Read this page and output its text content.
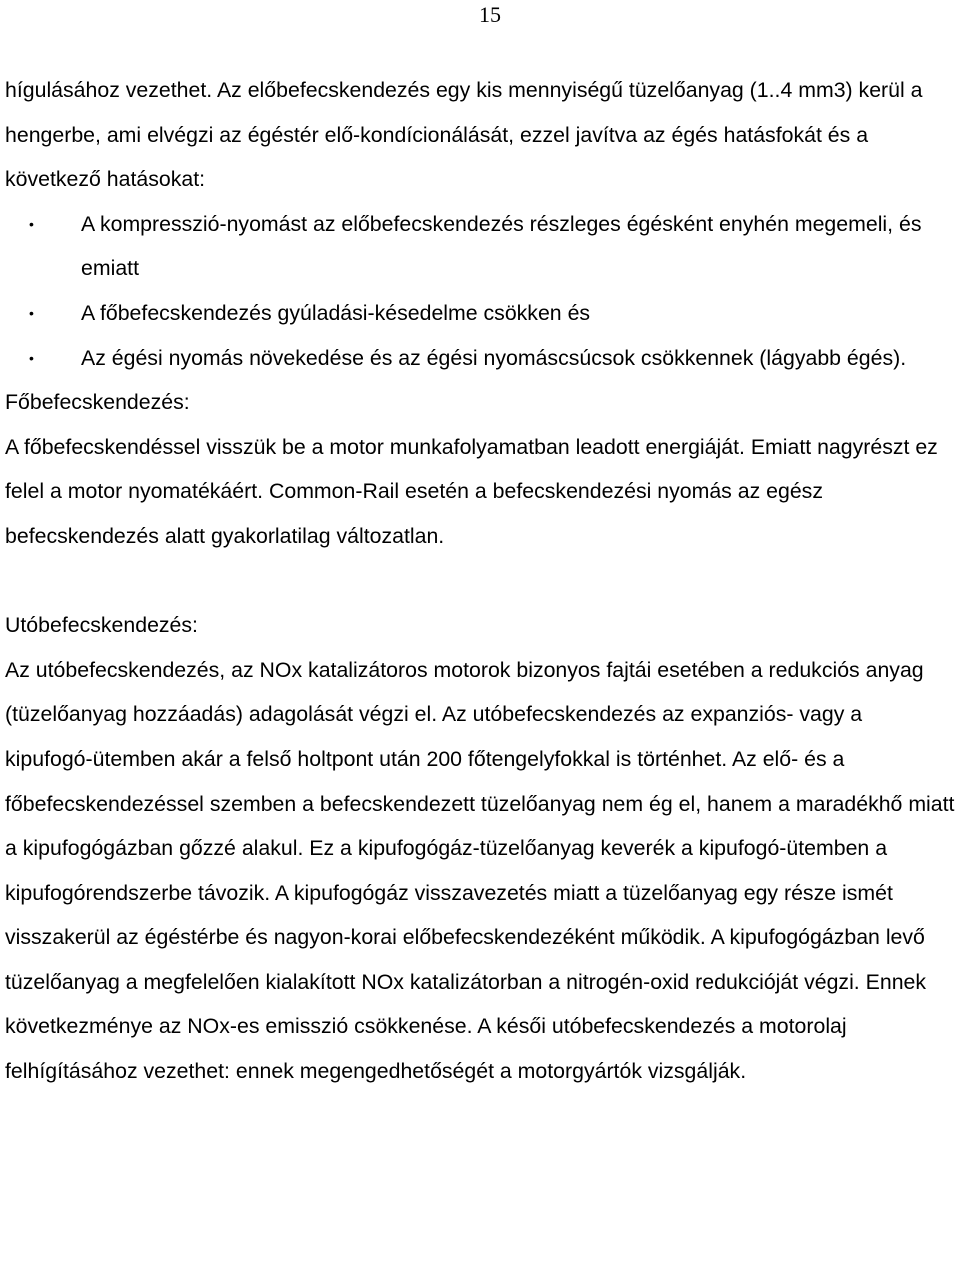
15

hígulásához vezethet. Az előbefecskendezés egy kis mennyiségű tüzelőanyag (1..4 mm3) kerül a hengerbe, ami elvégzi az égéstér elő-kondícionálását, ezzel javítva az égés hatásfokát és a következő hatásokat:

• A kompresszió-nyomást az előbefecskendezés részleges égésként enyhén megemeli, és emiatt
• A főbefecskendezés gyúladási-késedelme csökken és
• Az égési nyomás növekedése és az égési nyomáscsúcsok csökkennek (lágyabb égés).

Főbefecskendezés:

A főbefecskendéssel visszük be a motor munkafolyamatban leadott energiáját. Emiatt nagyrészt ez felel a motor nyomatékáért. Common-Rail esetén a befecskendezési nyomás az egész befecskendezés alatt gyakorlatilag változatlan.

Utóbefecskendezés:

Az utóbefecskendezés, az NOx katalizátoros motorok bizonyos fajtái esetében a redukciós anyag (tüzelőanyag hozzáadás) adagolását végzi el. Az utóbefecskendezés az expanziós- vagy a kipufogó-ütemben akár a felső holtpont után 200 főtengelyfokkal is történhet. Az elő- és a főbefecskendezéssel szemben a befecskendezett tüzelőanyag nem ég el, hanem a maradékhő miatt a kipufogógázban gőzzé alakul. Ez a kipufogógáz-tüzelőanyag keverék a kipufogó-ütemben a kipufogórendszerbe távozik. A kipufogógáz visszavezetés miatt a tüzelőanyag egy része ismét visszakerül az égéstérbe és nagyon-korai előbefecskendezéként működik. A kipufogógázban levő tüzelőanyag a megfelelően kialakított NOx katalizátorban a nitrogén-oxid redukcióját végzi. Ennek következménye az NOx-es emisszió csökkenése. A késői utóbefecskendezés a motorolaj felhígításához vezethet: ennek megengedhetőségét a motorgyártók vizsgálják.
